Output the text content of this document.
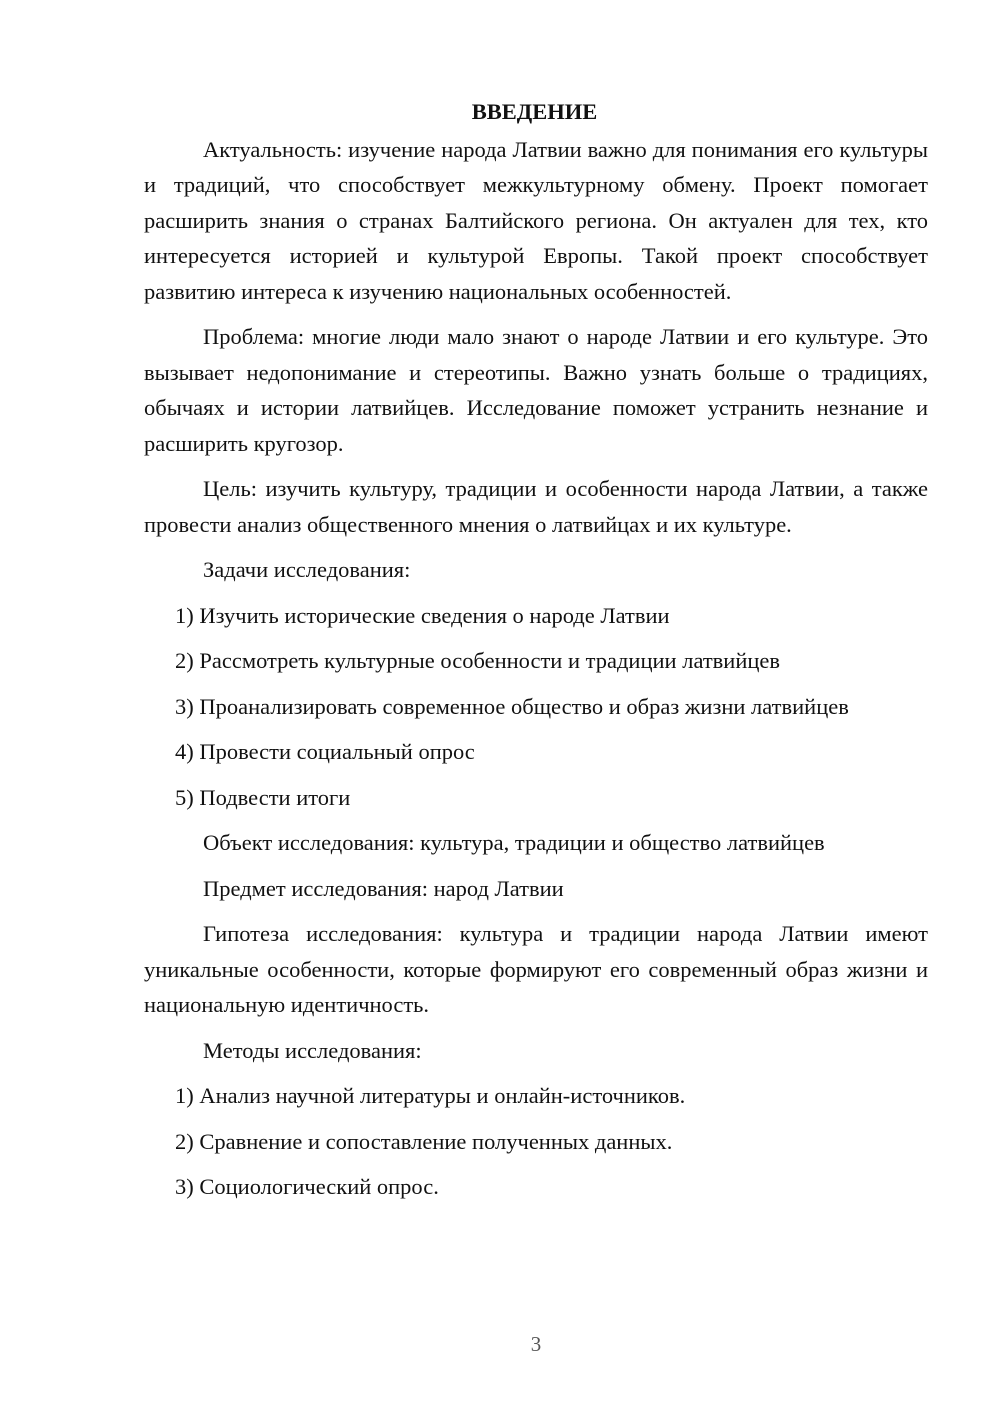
ВВЕДЕНИЕ

Актуальность: изучение народа Латвии важно для понимания его культуры и традиций, что способствует межкультурному обмену. Проект помогает расширить знания о странах Балтийского региона. Он актуален для тех, кто интересуется историей и культурой Европы. Такой проект способствует развитию интереса к изучению национальных особенностей.

Проблема: многие люди мало знают о народе Латвии и его культуре. Это вызывает недопонимание и стереотипы. Важно узнать больше о традициях, обычаях и истории латвийцев. Исследование поможет устранить незнание и расширить кругозор.

Цель: изучить культуру, традиции и особенности народа Латвии, а также провести анализ общественного мнения о латвийцах и их культуре.

Задачи исследования:
1) Изучить исторические сведения о народе Латвии
2) Рассмотреть культурные особенности и традиции латвийцев
3) Проанализировать современное общество и образ жизни латвийцев
4) Провести социальный опрос
5) Подвести итоги
Объект исследования: культура, традиции и общество латвийцев
Предмет исследования: народ Латвии

Гипотеза исследования: культура и традиции народа Латвии имеют уникальные особенности, которые формируют его современный образ жизни и национальную идентичность.

Методы исследования:
1) Анализ научной литературы и онлайн-источников.
2) Сравнение и сопоставление полученных данных.
3) Социологический опрос.
3
